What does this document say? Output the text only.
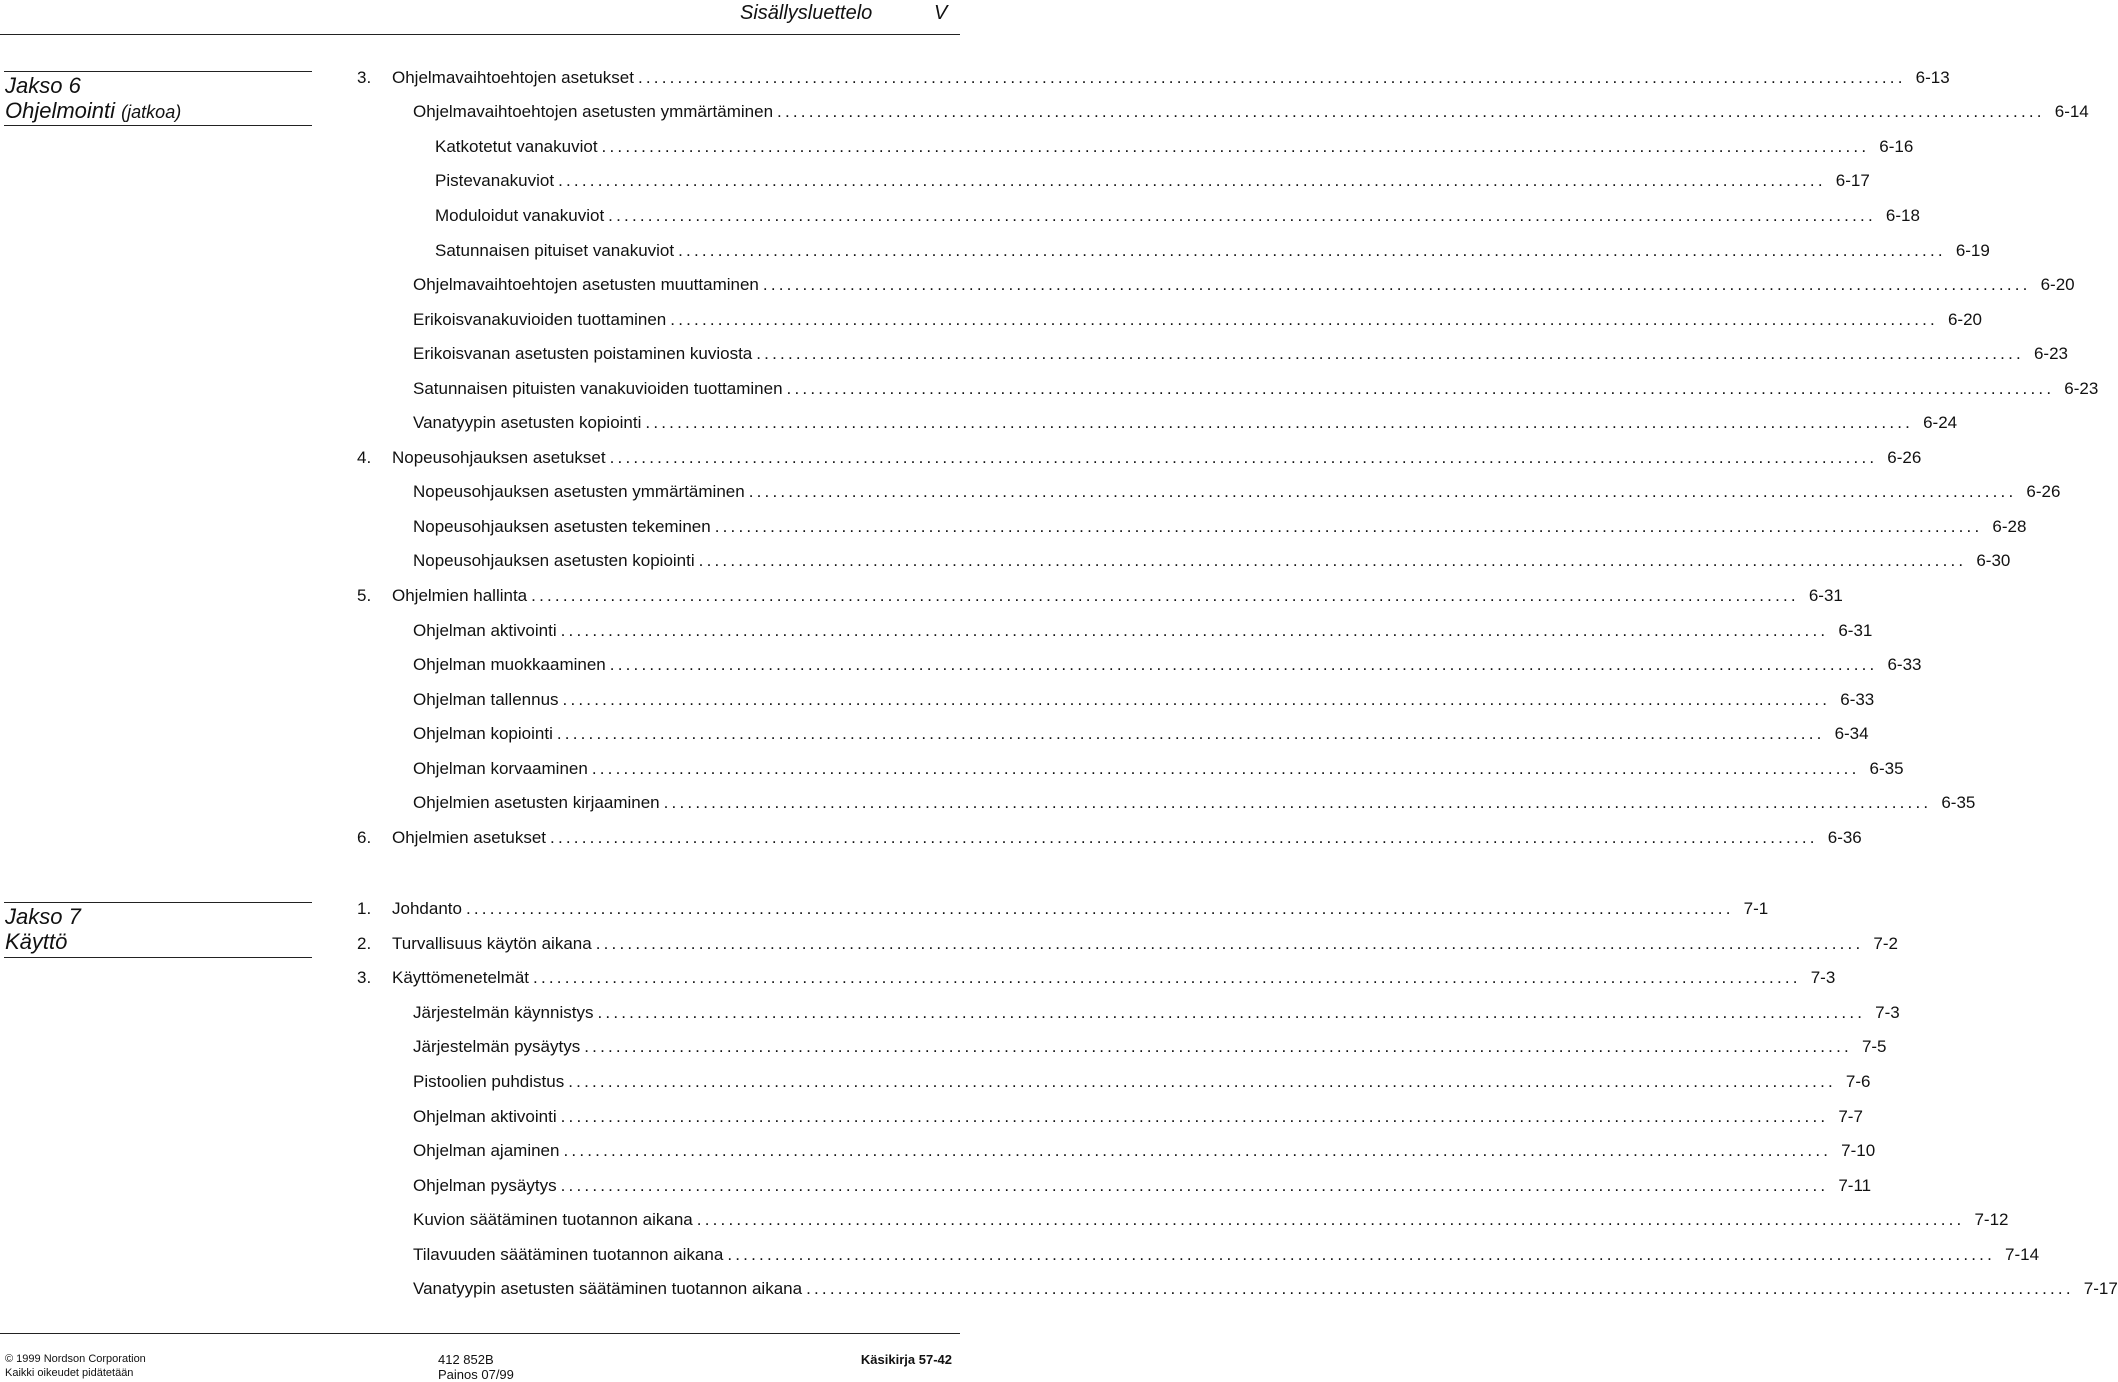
Sisällysluettelo	V
Jakso 6
Ohjelmointi (jatkoa)
Jakso 7
Käyttö
3.	Ohjelmavaihtoehtojen asetukset ................................................................................................................................................................ 6-13
Ohjelmavaihtoehtojen asetusten ymmärtäminen ................................................................................................................................................................ 6-14
Katkotetut vanakuviot ................................................................................................................................................................ 6-16
Pistevanakuviot ................................................................................................................................................................ 6-17
Moduloidut vanakuviot ................................................................................................................................................................ 6-18
Satunnaisen pituiset vanakuviot ................................................................................................................................................................ 6-19
Ohjelmavaihtoehtojen asetusten muuttaminen ................................................................................................................................................................ 6-20
Erikoisvanakuvioiden tuottaminen ................................................................................................................................................................ 6-20
Erikoisvanan asetusten poistaminen kuviosta ................................................................................................................................................................ 6-23
Satunnaisen pituisten vanakuvioiden tuottaminen ................................................................................................................................................................ 6-23
Vanatyypin asetusten kopiointi ................................................................................................................................................................ 6-24
4.	Nopeusohjauksen asetukset ................................................................................................................................................................ 6-26
Nopeusohjauksen asetusten ymmärtäminen ................................................................................................................................................................ 6-26
Nopeusohjauksen asetusten tekeminen ................................................................................................................................................................ 6-28
Nopeusohjauksen asetusten kopiointi ................................................................................................................................................................ 6-30
5.	Ohjelmien hallinta ................................................................................................................................................................ 6-31
Ohjelman aktivointi ................................................................................................................................................................ 6-31
Ohjelman muokkaaminen ................................................................................................................................................................ 6-33
Ohjelman tallennus ................................................................................................................................................................ 6-33
Ohjelman kopiointi ................................................................................................................................................................ 6-34
Ohjelman korvaaminen ................................................................................................................................................................ 6-35
Ohjelmien asetusten kirjaaminen ................................................................................................................................................................ 6-35
6.	Ohjelmien asetukset ................................................................................................................................................................ 6-36
1.	Johdanto ................................................................................................................................................................ 7-1
2.	Turvallisuus käytön aikana ................................................................................................................................................................ 7-2
3.	Käyttömenetelmät ................................................................................................................................................................ 7-3
Järjestelmän käynnistys ................................................................................................................................................................ 7-3
Järjestelmän pysäytys ................................................................................................................................................................ 7-5
Pistoolien puhdistus ................................................................................................................................................................ 7-6
Ohjelman aktivointi ................................................................................................................................................................ 7-7
Ohjelman ajaminen ................................................................................................................................................................ 7-10
Ohjelman pysäytys ................................................................................................................................................................ 7-11
Kuvion säätäminen tuotannon aikana ................................................................................................................................................................ 7-12
Tilavuuden säätäminen tuotannon aikana ................................................................................................................................................................ 7-14
Vanatyypin asetusten säätäminen tuotannon aikana ................................................................................................................................................................ 7-17
© 1999 Nordson Corporation
Kaikki oikeudet pidätetään
412 852B
Painos 07/99
Käsikirja 57-42
